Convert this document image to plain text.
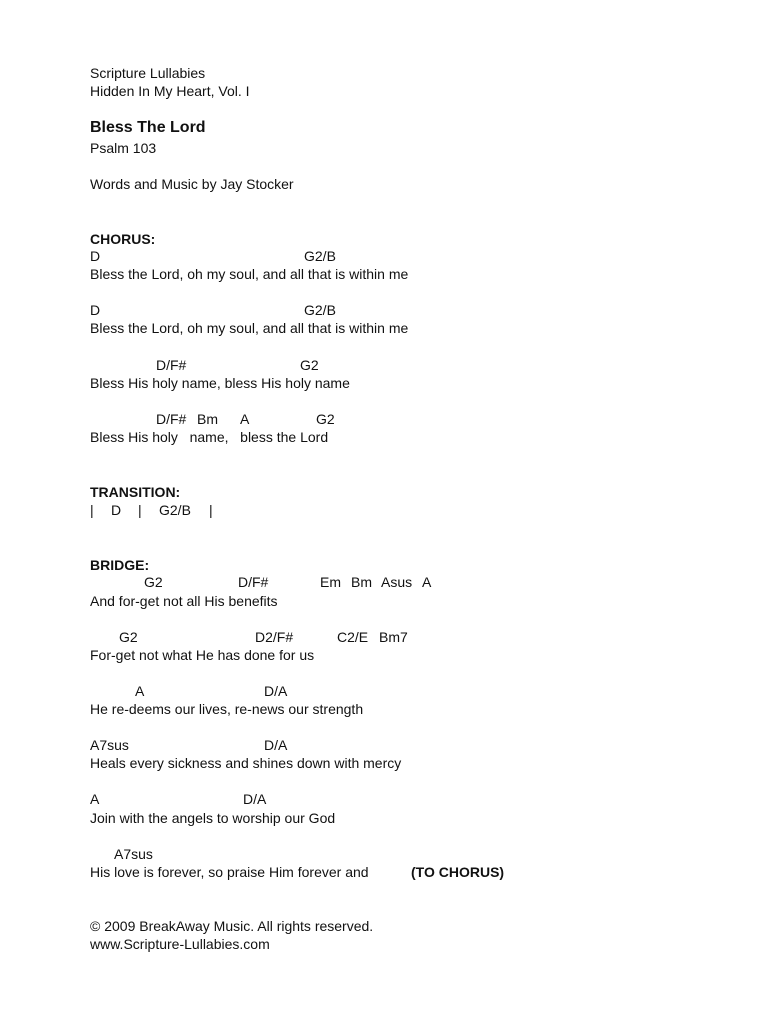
Scripture Lullabies
Hidden In My Heart, Vol. I
Bless The Lord
Psalm 103
Words and Music by Jay Stocker
CHORUS:
D	G2/B
Bless the Lord, oh my soul, and all that is within me
D	G2/B
Bless the Lord, oh my soul, and all that is within me
D/F#	G2
Bless His holy name, bless His holy name
D/F# Bm A	G2
Bless His holy   name,   bless the Lord
TRANSITION:
| D | G2/B |
BRIDGE:
G2	D/F#	Em Bm Asus A
And for-get not all His benefits
G2	D2/F#	C2/E Bm7
For-get not what He has done for us
A	D/A
He re-deems our lives, re-news our strength
A7sus	D/A
Heals every sickness and shines down with mercy
A	D/A
Join with the angels to worship our God
A7sus
His love is forever, so praise Him forever and	(TO CHORUS)
© 2009 BreakAway Music. All rights reserved.
www.Scripture-Lullabies.com
